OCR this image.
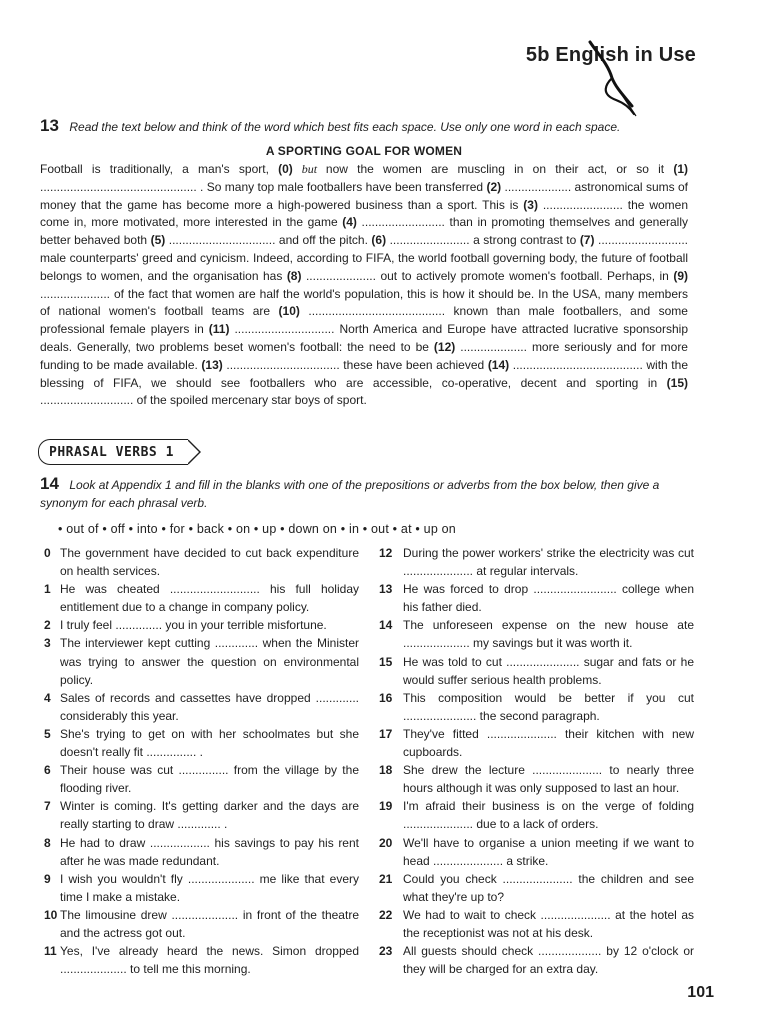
5b English in Use
13 Read the text below and think of the word which best fits each space. Use only one word in each space.
A SPORTING GOAL FOR WOMEN

Football is traditionally, a man's sport, (0) but now the women are muscling in on their act, or so it (1) ............................................... . So many top male footballers have been transferred (2) .................... astronomical sums of money that the game has become more a high-powered business than a sport. This is (3) ........................ the women come in, more motivated, more interested in the game (4) ......................... than in promoting themselves and generally better behaved both (5) ................................ and off the pitch. (6) ........................ a strong contrast to (7) ........................... male counterparts' greed and cynicism. Indeed, according to FIFA, the world football governing body, the future of football belongs to women, and the organisation has (8) ..................... out to actively promote women's football. Perhaps, in (9) ..................... of the fact that women are half the world's population, this is how it should be. In the USA, many members of national women's football teams are (10) ......................................... known than male footballers, and some professional female players in (11) .............................. North America and Europe have attracted lucrative sponsorship deals. Generally, two problems beset women's football: the need to be (12) .................... more seriously and for more funding to be made available. (13) .................................. these have been achieved (14) ....................................... with the blessing of FIFA, we should see footballers who are accessible, co-operative, decent and sporting in (15) ............................ of the spoiled mercenary star boys of sport.

PHRASAL VERBS 1
14 Look at Appendix 1 and fill in the blanks with one of the prepositions or adverbs from the box below, then give a synonym for each phrasal verb.
• out of • off • into • for • back • on • up • down on • in • out • at • up on
0 The government have decided to cut back expenditure on health services.
1 He was cheated ........................... his full holiday entitlement due to a change in company policy.
2 I truly feel .............. you in your terrible misfortune.
3 The interviewer kept cutting ............. when the Minister was trying to answer the question on environmental policy.
4 Sales of records and cassettes have dropped ............. considerably this year.
5 She's trying to get on with her schoolmates but she doesn't really fit ............... .
6 Their house was cut ............... from the village by the flooding river.
7 Winter is coming. It's getting darker and the days are really starting to draw ............. .
8 He had to draw .................. his savings to pay his rent after he was made redundant.
9 I wish you wouldn't fly .................... me like that every time I make a mistake.
10 The limousine drew .................... in front of the theatre and the actress got out.
11 Yes, I've already heard the news. Simon dropped .................... to tell me this morning.
12 During the power workers' strike the electricity was cut ..................... at regular intervals.
13 He was forced to drop ......................... college when his father died.
14 The unforeseen expense on the new house ate .................... my savings but it was worth it.
15 He was told to cut ...................... sugar and fats or he would suffer serious health problems.
16 This composition would be better if you cut ...................... the second paragraph.
17 They've fitted ..................... their kitchen with new cupboards.
18 She drew the lecture ..................... to nearly three hours although it was only supposed to last an hour.
19 I'm afraid their business is on the verge of folding ..................... due to a lack of orders.
20 We'll have to organise a union meeting if we want to head ..................... a strike.
21 Could you check ..................... the children and see what they're up to?
22 We had to wait to check ..................... at the hotel as the receptionist was not at his desk.
23 All guests should check ................... by 12 o'clock or they will be charged for an extra day.
101
